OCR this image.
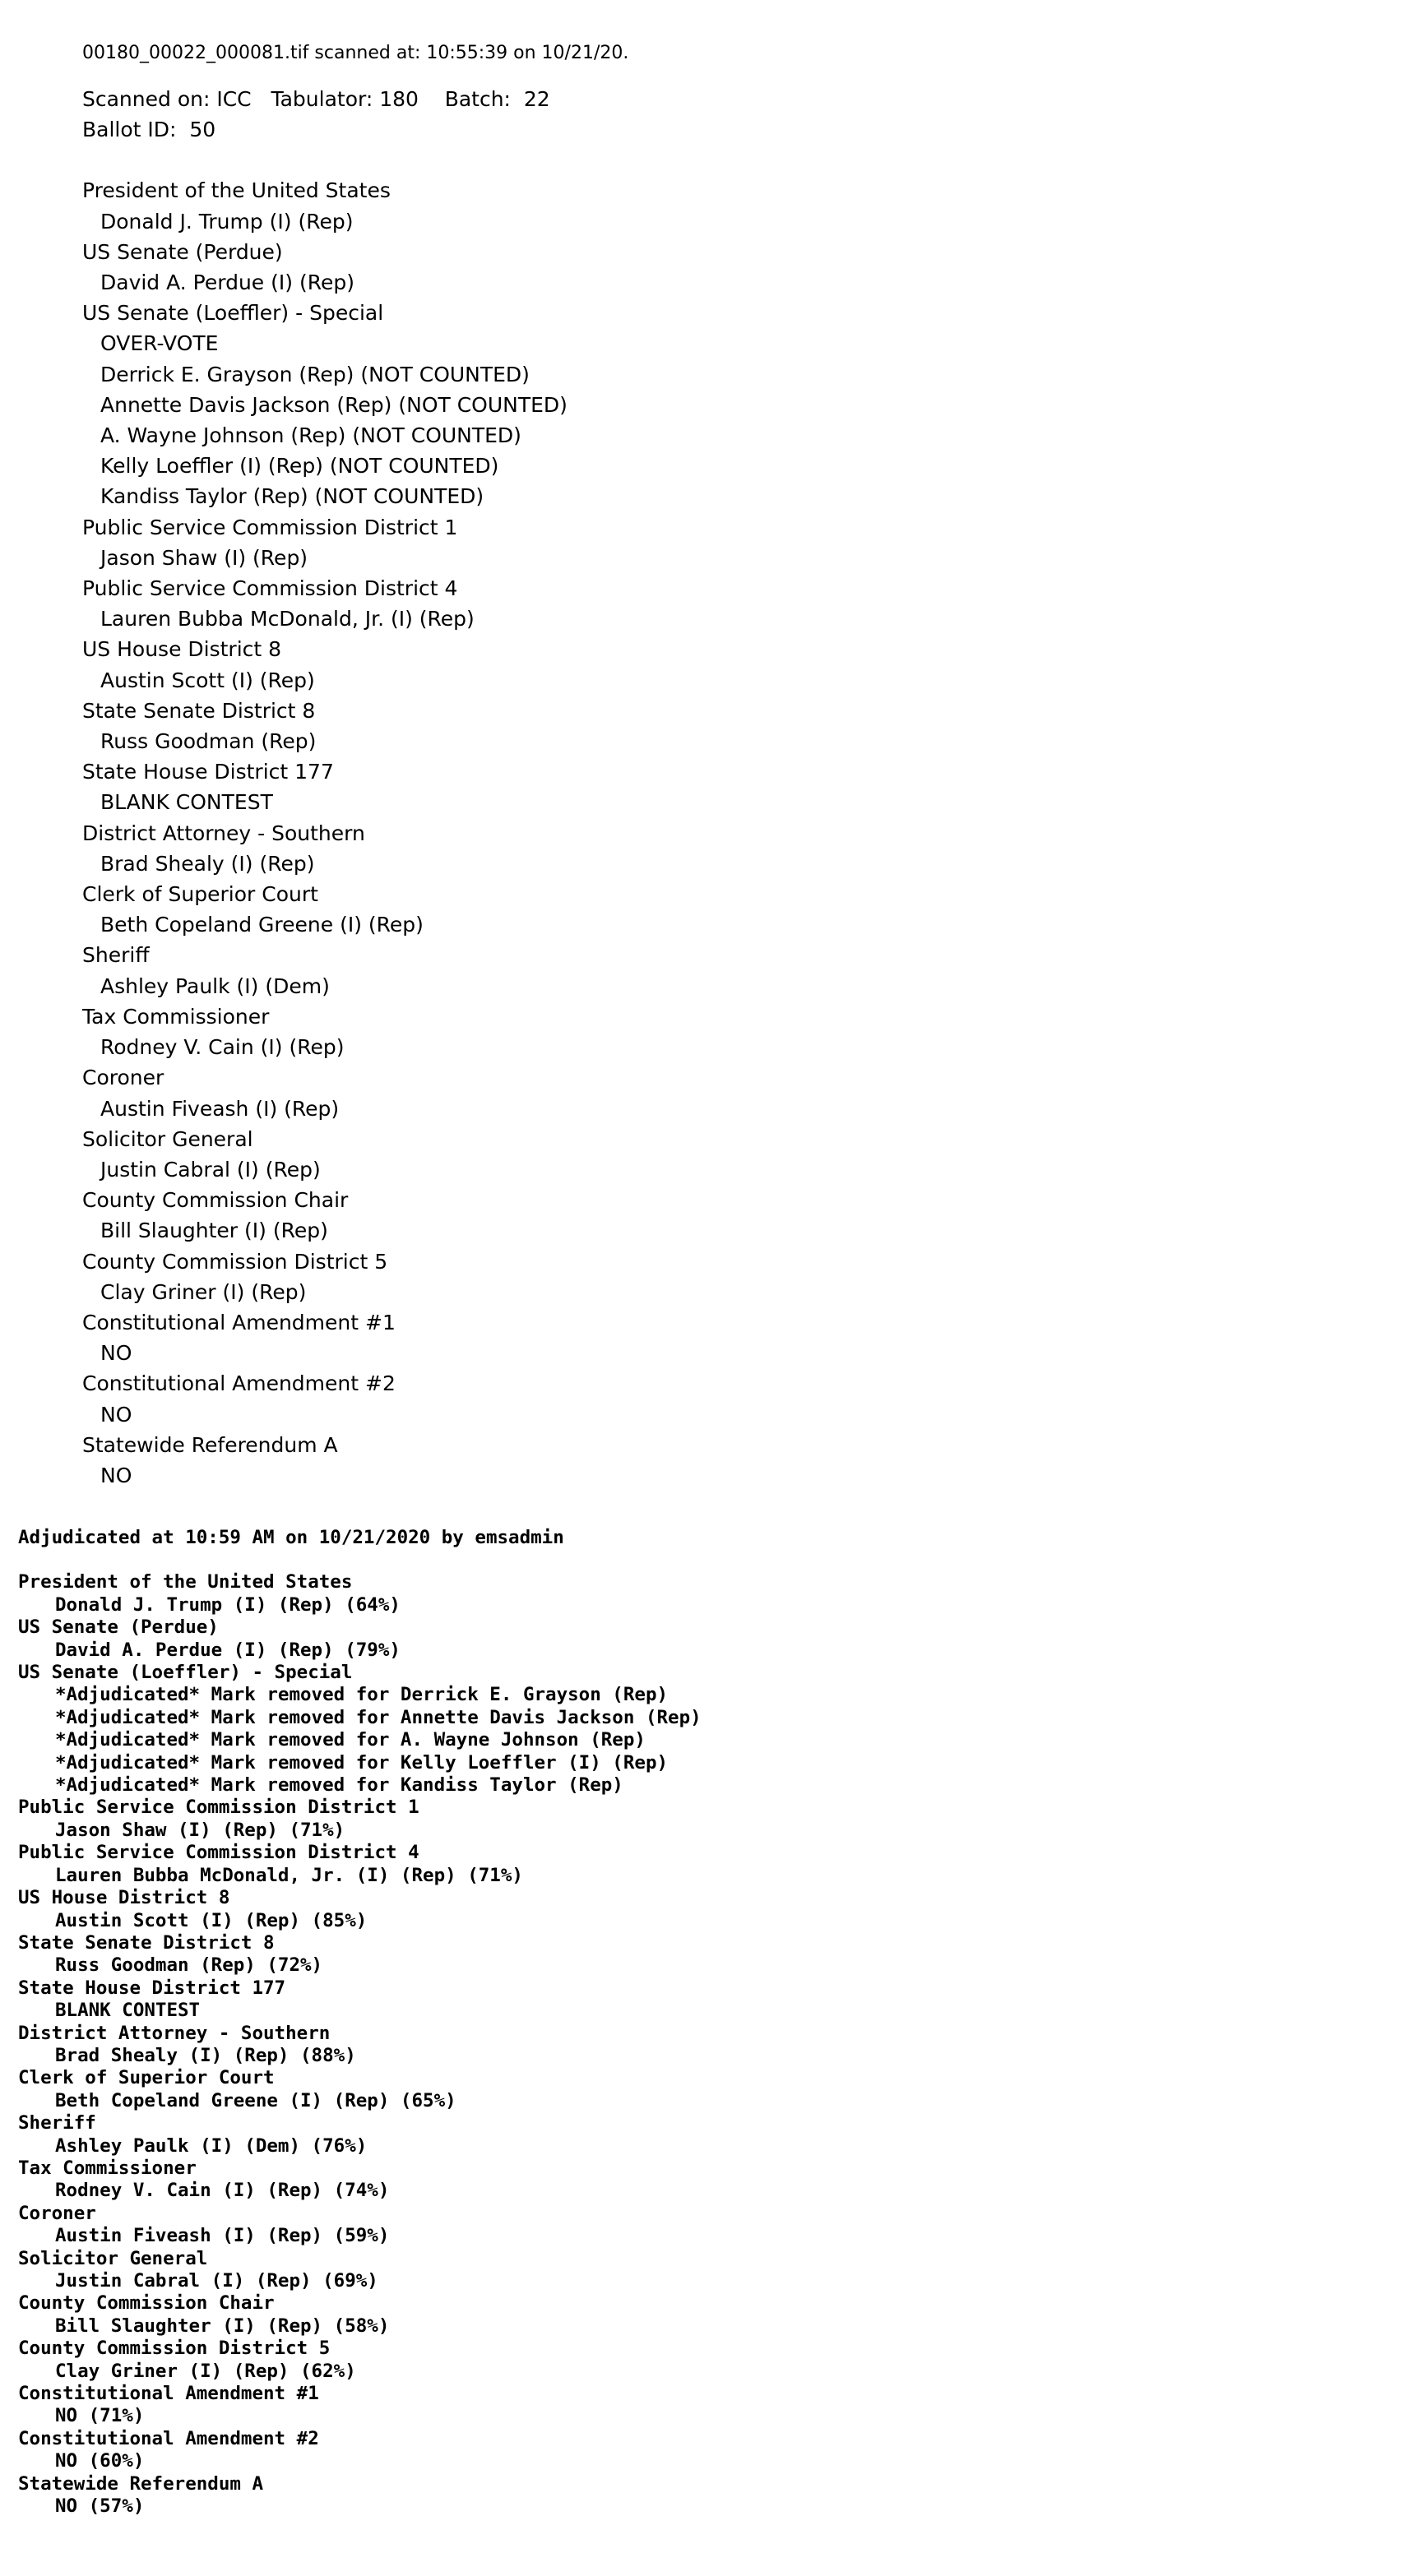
00180_00022_000081.tif scanned at: 10:55:39 on 10/21/20.
Scanned on: ICC   Tabulator: 180    Batch:  22
Ballot ID:  50
President of the United States
Donald J. Trump (I) (Rep)
US Senate (Perdue)
David A. Perdue (I) (Rep)
US Senate (Loeffler) - Special
OVER-VOTE
Derrick E. Grayson (Rep) (NOT COUNTED)
Annette Davis Jackson (Rep) (NOT COUNTED)
A. Wayne Johnson (Rep) (NOT COUNTED)
Kelly Loeffler (I) (Rep) (NOT COUNTED)
Kandiss Taylor (Rep) (NOT COUNTED)
Public Service Commission District 1
Jason Shaw (I) (Rep)
Public Service Commission District 4
Lauren Bubba McDonald, Jr. (I) (Rep)
US House District 8
Austin Scott (I) (Rep)
State Senate District 8
Russ Goodman (Rep)
State House District 177
BLANK CONTEST
District Attorney - Southern
Brad Shealy (I) (Rep)
Clerk of Superior Court
Beth Copeland Greene (I) (Rep)
Sheriff
Ashley Paulk (I) (Dem)
Tax Commissioner
Rodney V. Cain (I) (Rep)
Coroner
Austin Fiveash (I) (Rep)
Solicitor General
Justin Cabral (I) (Rep)
County Commission Chair
Bill Slaughter (I) (Rep)
County Commission District 5
Clay Griner (I) (Rep)
Constitutional Amendment #1
NO
Constitutional Amendment #2
NO
Statewide Referendum A
NO
Adjudicated at 10:59 AM on 10/21/2020 by emsadmin
President of the United States
Donald J. Trump (I) (Rep) (64%)
US Senate (Perdue)
David A. Perdue (I) (Rep) (79%)
US Senate (Loeffler) - Special
*Adjudicated* Mark removed for Derrick E. Grayson (Rep)
*Adjudicated* Mark removed for Annette Davis Jackson (Rep)
*Adjudicated* Mark removed for A. Wayne Johnson (Rep)
*Adjudicated* Mark removed for Kelly Loeffler (I) (Rep)
*Adjudicated* Mark removed for Kandiss Taylor (Rep)
Public Service Commission District 1
Jason Shaw (I) (Rep) (71%)
Public Service Commission District 4
Lauren Bubba McDonald, Jr. (I) (Rep) (71%)
US House District 8
Austin Scott (I) (Rep) (85%)
State Senate District 8
Russ Goodman (Rep) (72%)
State House District 177
BLANK CONTEST
District Attorney - Southern
Brad Shealy (I) (Rep) (88%)
Clerk of Superior Court
Beth Copeland Greene (I) (Rep) (65%)
Sheriff
Ashley Paulk (I) (Dem) (76%)
Tax Commissioner
Rodney V. Cain (I) (Rep) (74%)
Coroner
Austin Fiveash (I) (Rep) (59%)
Solicitor General
Justin Cabral (I) (Rep) (69%)
County Commission Chair
Bill Slaughter (I) (Rep) (58%)
County Commission District 5
Clay Griner (I) (Rep) (62%)
Constitutional Amendment #1
NO (71%)
Constitutional Amendment #2
NO (60%)
Statewide Referendum A
NO (57%)
